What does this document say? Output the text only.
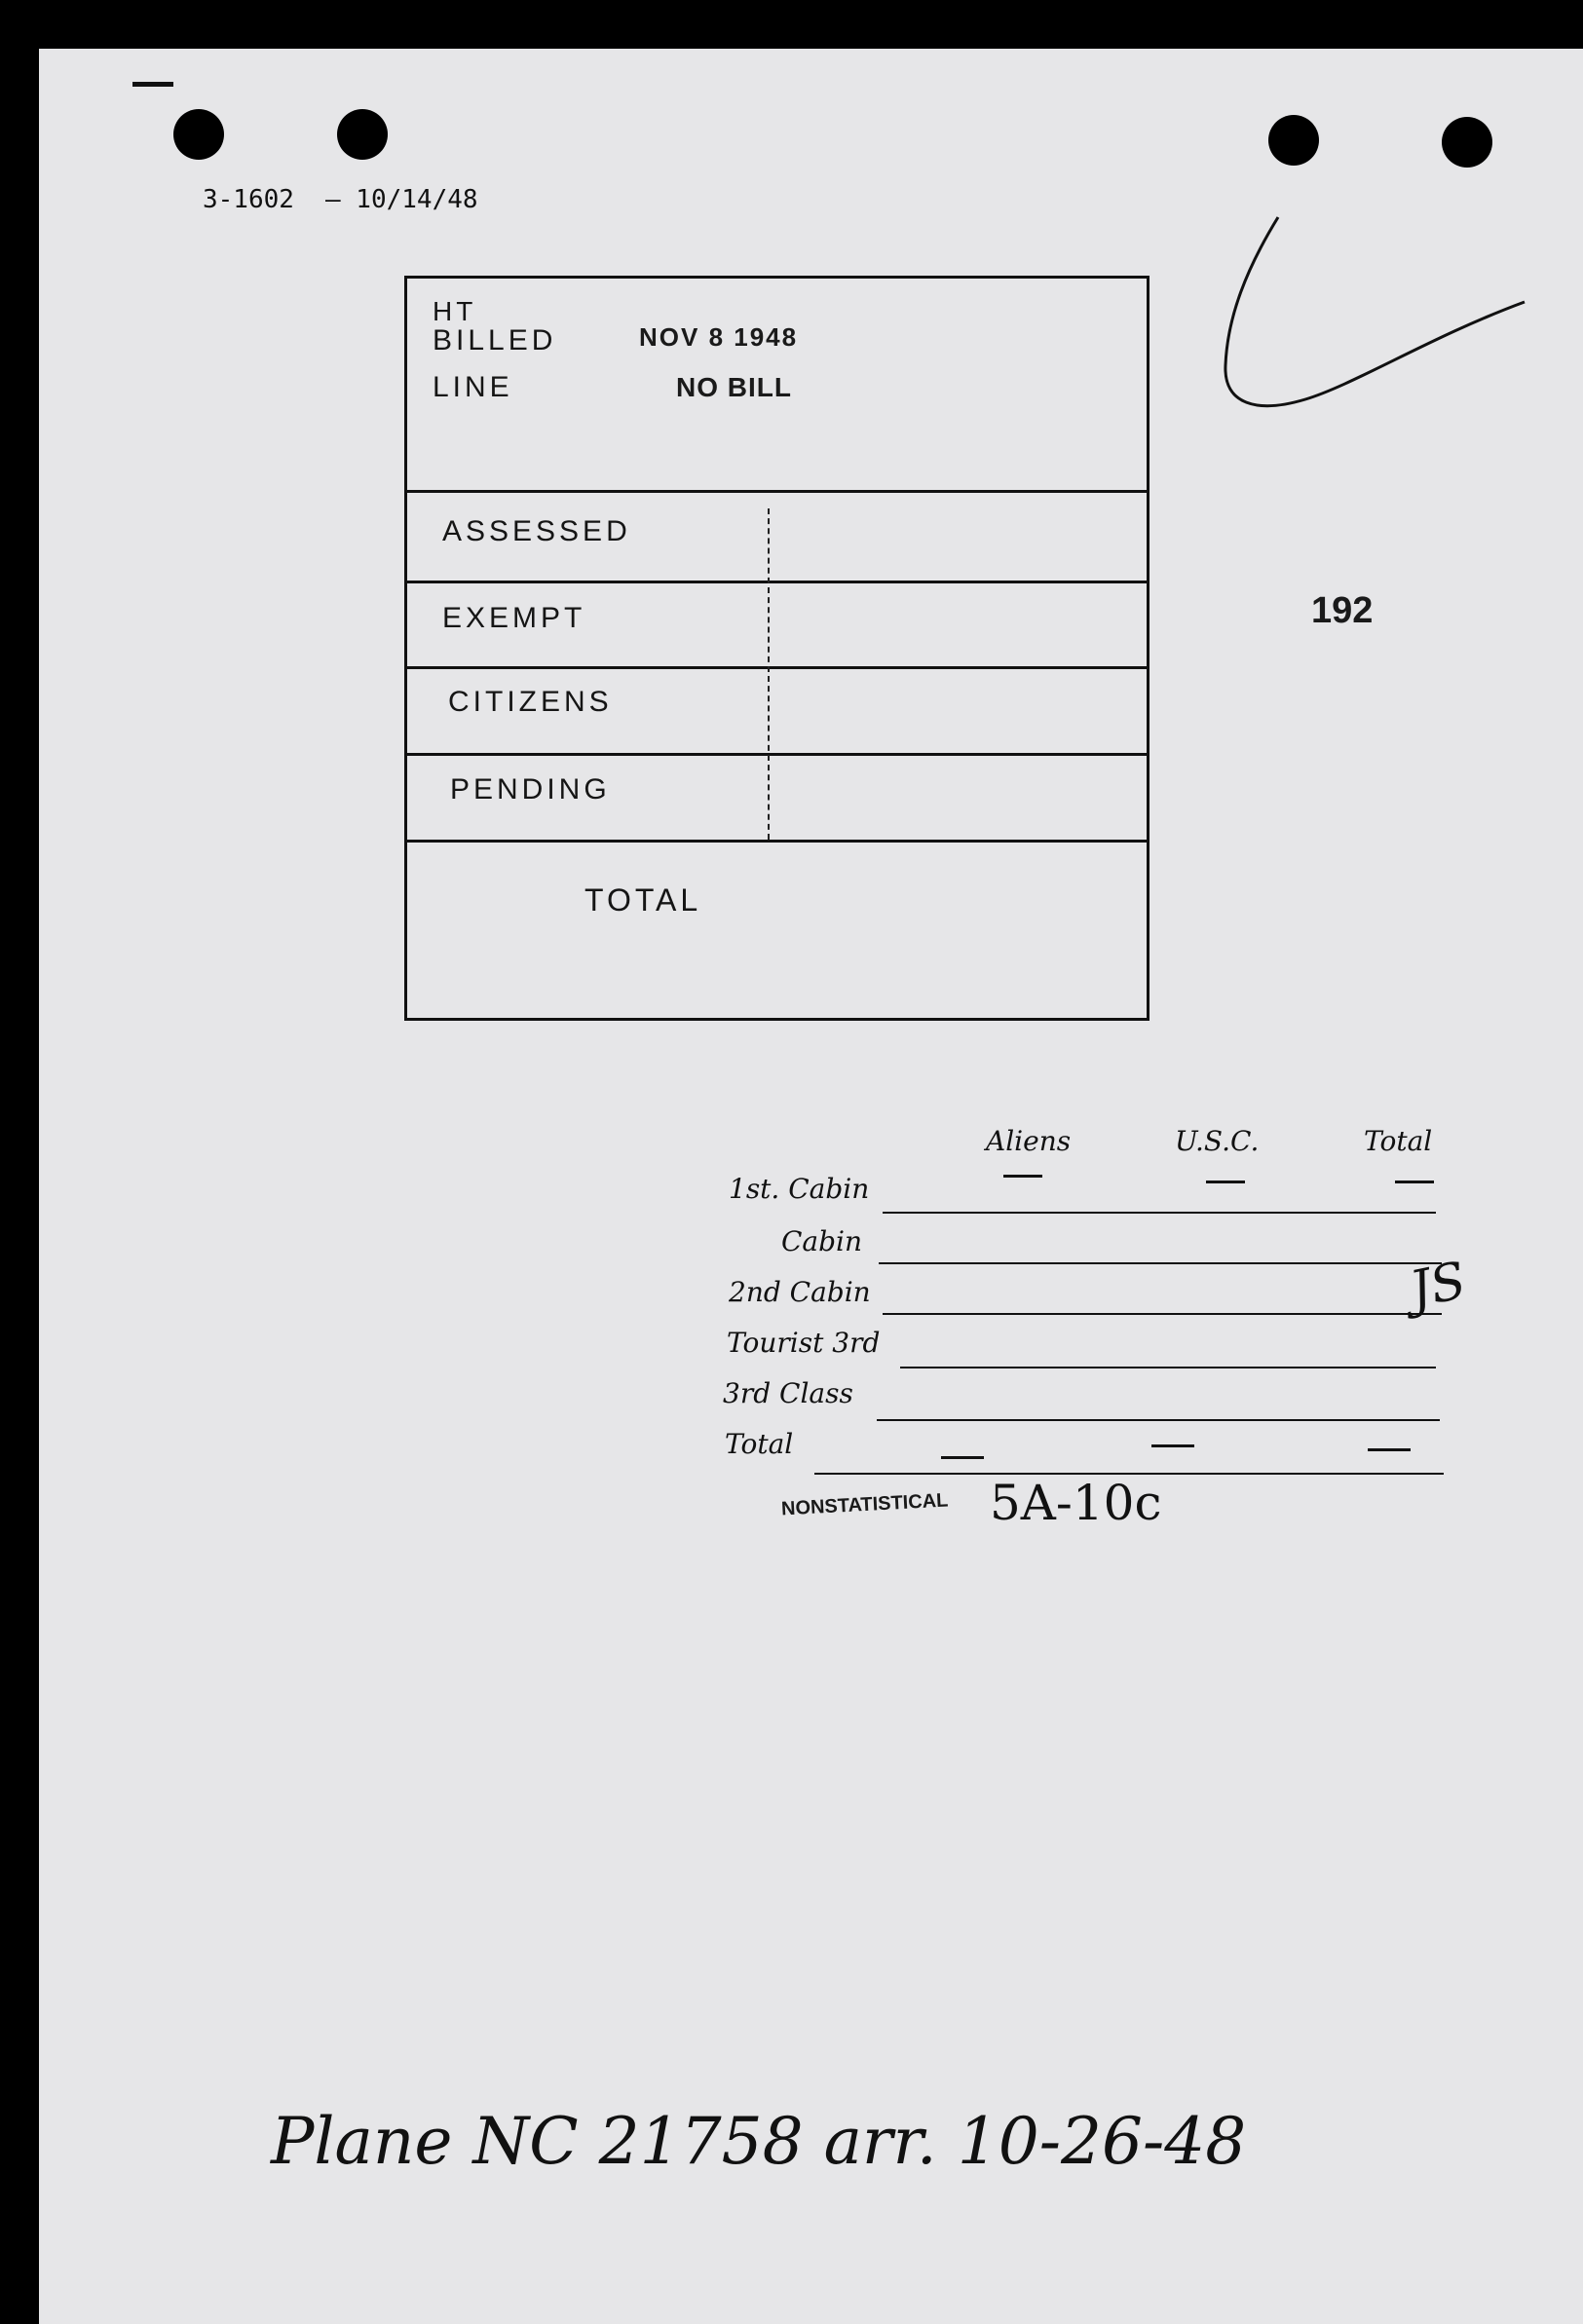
3-1602 — 10/14/48
HT
BILLED
LINE
NOV 8 1948
NO BILL
ASSESSED
EXEMPT
CITIZENS
PENDING
TOTAL
192
Aliens	U.S.C.	Total
1st. Cabin
Cabin
2nd Cabin
Tourist 3rd
3rd Class
Total
JS
NONSTATISTICAL 5A-10c
Plane NC 21758 arr. 10-26-48
